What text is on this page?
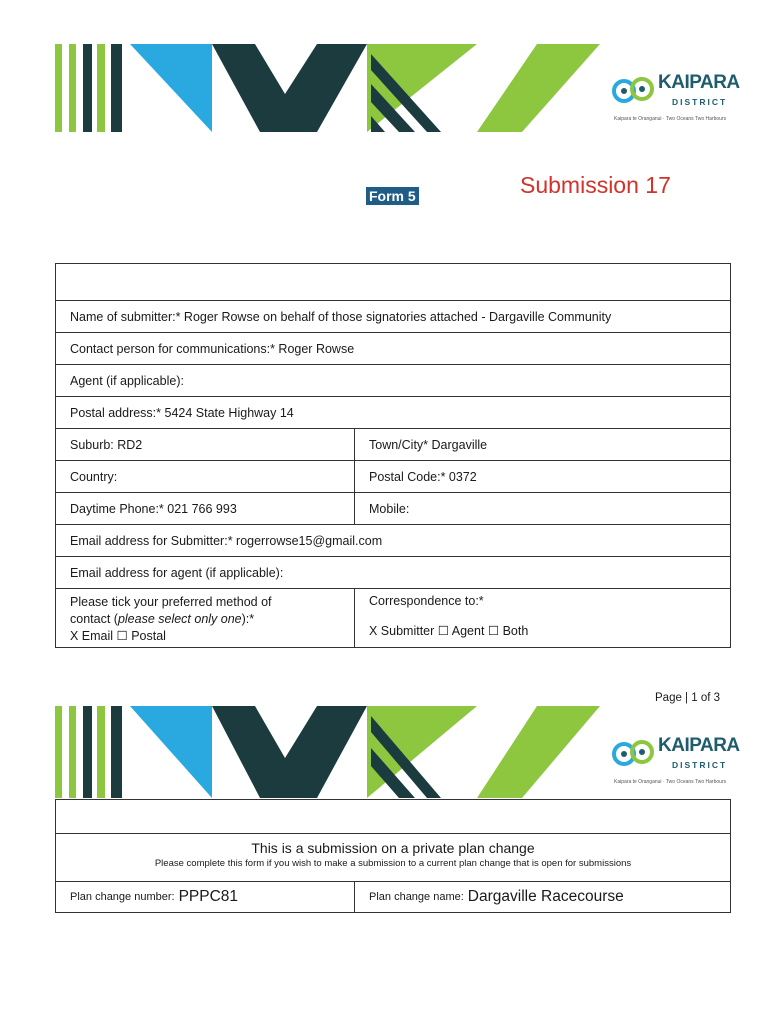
KAIPARA
DISTRICT
Kaipara te Oranganui · Two Oceans Two Harbours
Form 5	Submission 17
Name of submitter:* Roger Rowse on behalf of those signatories attached - Dargaville Community
Contact person for communications:* Roger Rowse
Agent (if applicable):
Postal address:* 5424 State Highway 14
Suburb: RD2	Town/City* Dargaville
Country:	Postal Code:* 0372
Daytime Phone:* 021 766 993	Mobile:
Email address for Submitter:* rogerrowse15@gmail.com
Email address for agent (if applicable):
Please tick your preferred method of
contact (please select only one):*
X Email ☐ Postal
Correspondence to:*
X Submitter ☐ Agent ☐ Both
Page | 1 of 3
KAIPARA
DISTRICT
Kaipara te Oranganui · Two Oceans Two Harbours
This is a submission on a private plan change
Please complete this form if you wish to make a submission to a current plan change that is open for submissions
Plan change number: PPPC81	Plan change name: Dargaville Racecourse
